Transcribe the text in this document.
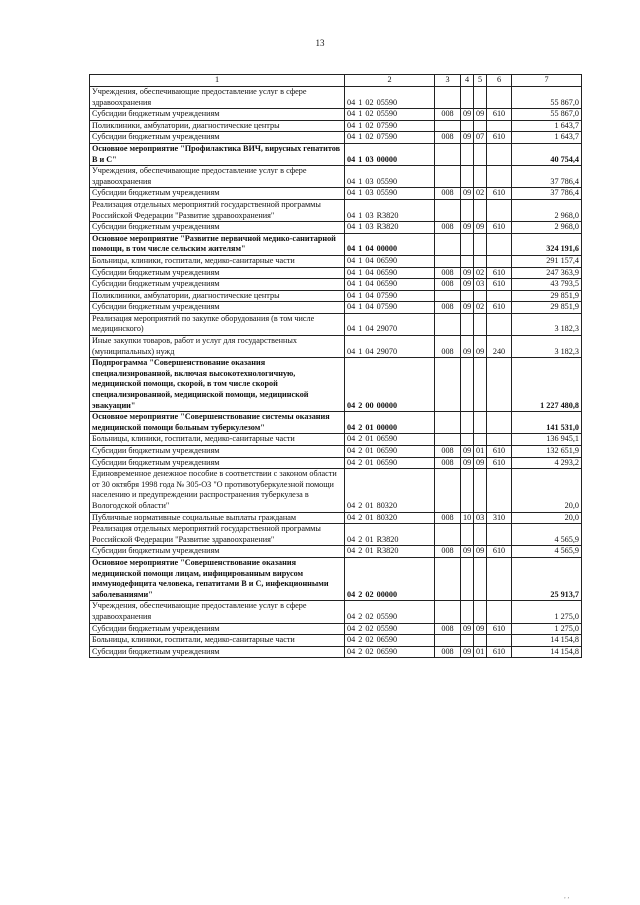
13
1	2	3	4	5	6	7
Учреждения, обеспечивающие предоставление услуг в сфере здравоохранения	04 1 02 05590					55 867,0
Субсидии бюджетным учреждениям	04 1 02 05590	008	09	09	610	55 867,0
Поликлиники, амбулатории, диагностические центры	04 1 02 07590					1 643,7
Субсидии бюджетным учреждениям	04 1 02 07590	008	09	07	610	1 643,7
Основное мероприятие "Профилактика ВИЧ, вирусных гепатитов В и С"	04 1 03 00000					40 754,4
Учреждения, обеспечивающие предоставление услуг в сфере здравоохранения	04 1 03 05590					37 786,4
Субсидии бюджетным учреждениям	04 1 03 05590	008	09	02	610	37 786,4
Реализация отдельных мероприятий государственной программы Российской Федерации "Развитие здравоохранения"	04 1 03 R3820					2 968,0
Субсидии бюджетным учреждениям	04 1 03 R3820	008	09	09	610	2 968,0
Основное мероприятие "Развитие первичной медико-санитарной помощи, в том числе сельским жителям"	04 1 04 00000					324 191,6
Больницы, клиники, госпитали, медико-санитарные части	04 1 04 06590					291 157,4
Субсидии бюджетным учреждениям	04 1 04 06590	008	09	02	610	247 363,9
Субсидии бюджетным учреждениям	04 1 04 06590	008	09	03	610	43 793,5
Поликлиники, амбулатории, диагностические центры	04 1 04 07590					29 851,9
Субсидии бюджетным учреждениям	04 1 04 07590	008	09	02	610	29 851,9
Реализация мероприятий по закупке оборудования (в том числе медицинского)	04 1 04 29070					3 182,3
Иные закупки товаров, работ и услуг для государственных (муниципальных) нужд	04 1 04 29070	008	09	09	240	3 182,3
Подпрограмма "Совершенствование оказания специализированной, включая высокотехнологичную, медицинской помощи, скорой, в том числе скорой специализированной, медицинской помощи, медицинской эвакуации"	04 2 00 00000					1 227 480,8
Основное мероприятие "Совершенствование системы оказания медицинской помощи больным туберкулезом"	04 2 01 00000					141 531,0
Больницы, клиники, госпитали, медико-санитарные части	04 2 01 06590					136 945,1
Субсидии бюджетным учреждениям	04 2 01 06590	008	09	01	610	132 651,9
Субсидии бюджетным учреждениям	04 2 01 06590	008	09	09	610	4 293,2
Единовременное денежное пособие в соответствии с законом области от 30 октября 1998 года № 305-ОЗ "О противотуберкулезной помощи населению и предупреждении распространения туберкулеза в Вологодской области"	04 2 01 80320					20,0
Публичные нормативные социальные выплаты гражданам	04 2 01 80320	008	10	03	310	20,0
Реализация отдельных мероприятий государственной программы Российской Федерации "Развитие здравоохранения"	04 2 01 R3820					4 565,9
Субсидии бюджетным учреждениям	04 2 01 R3820	008	09	09	610	4 565,9
Основное мероприятие "Совершенствование оказания медицинской помощи лицам, инфицированным вирусом иммунодефицита человека, гепатитами В и С, инфекционными заболеваниями"	04 2 02 00000					25 913,7
Учреждения, обеспечивающие предоставление услуг в сфере здравоохранения	04 2 02 05590					1 275,0
Субсидии бюджетным учреждениям	04 2 02 05590	008	09	09	610	1 275,0
Больницы, клиники, госпитали, медико-санитарные части	04 2 02 06590					14 154,8
Субсидии бюджетным учреждениям	04 2 02 06590	008	09	01	610	14 154,8
, ,
